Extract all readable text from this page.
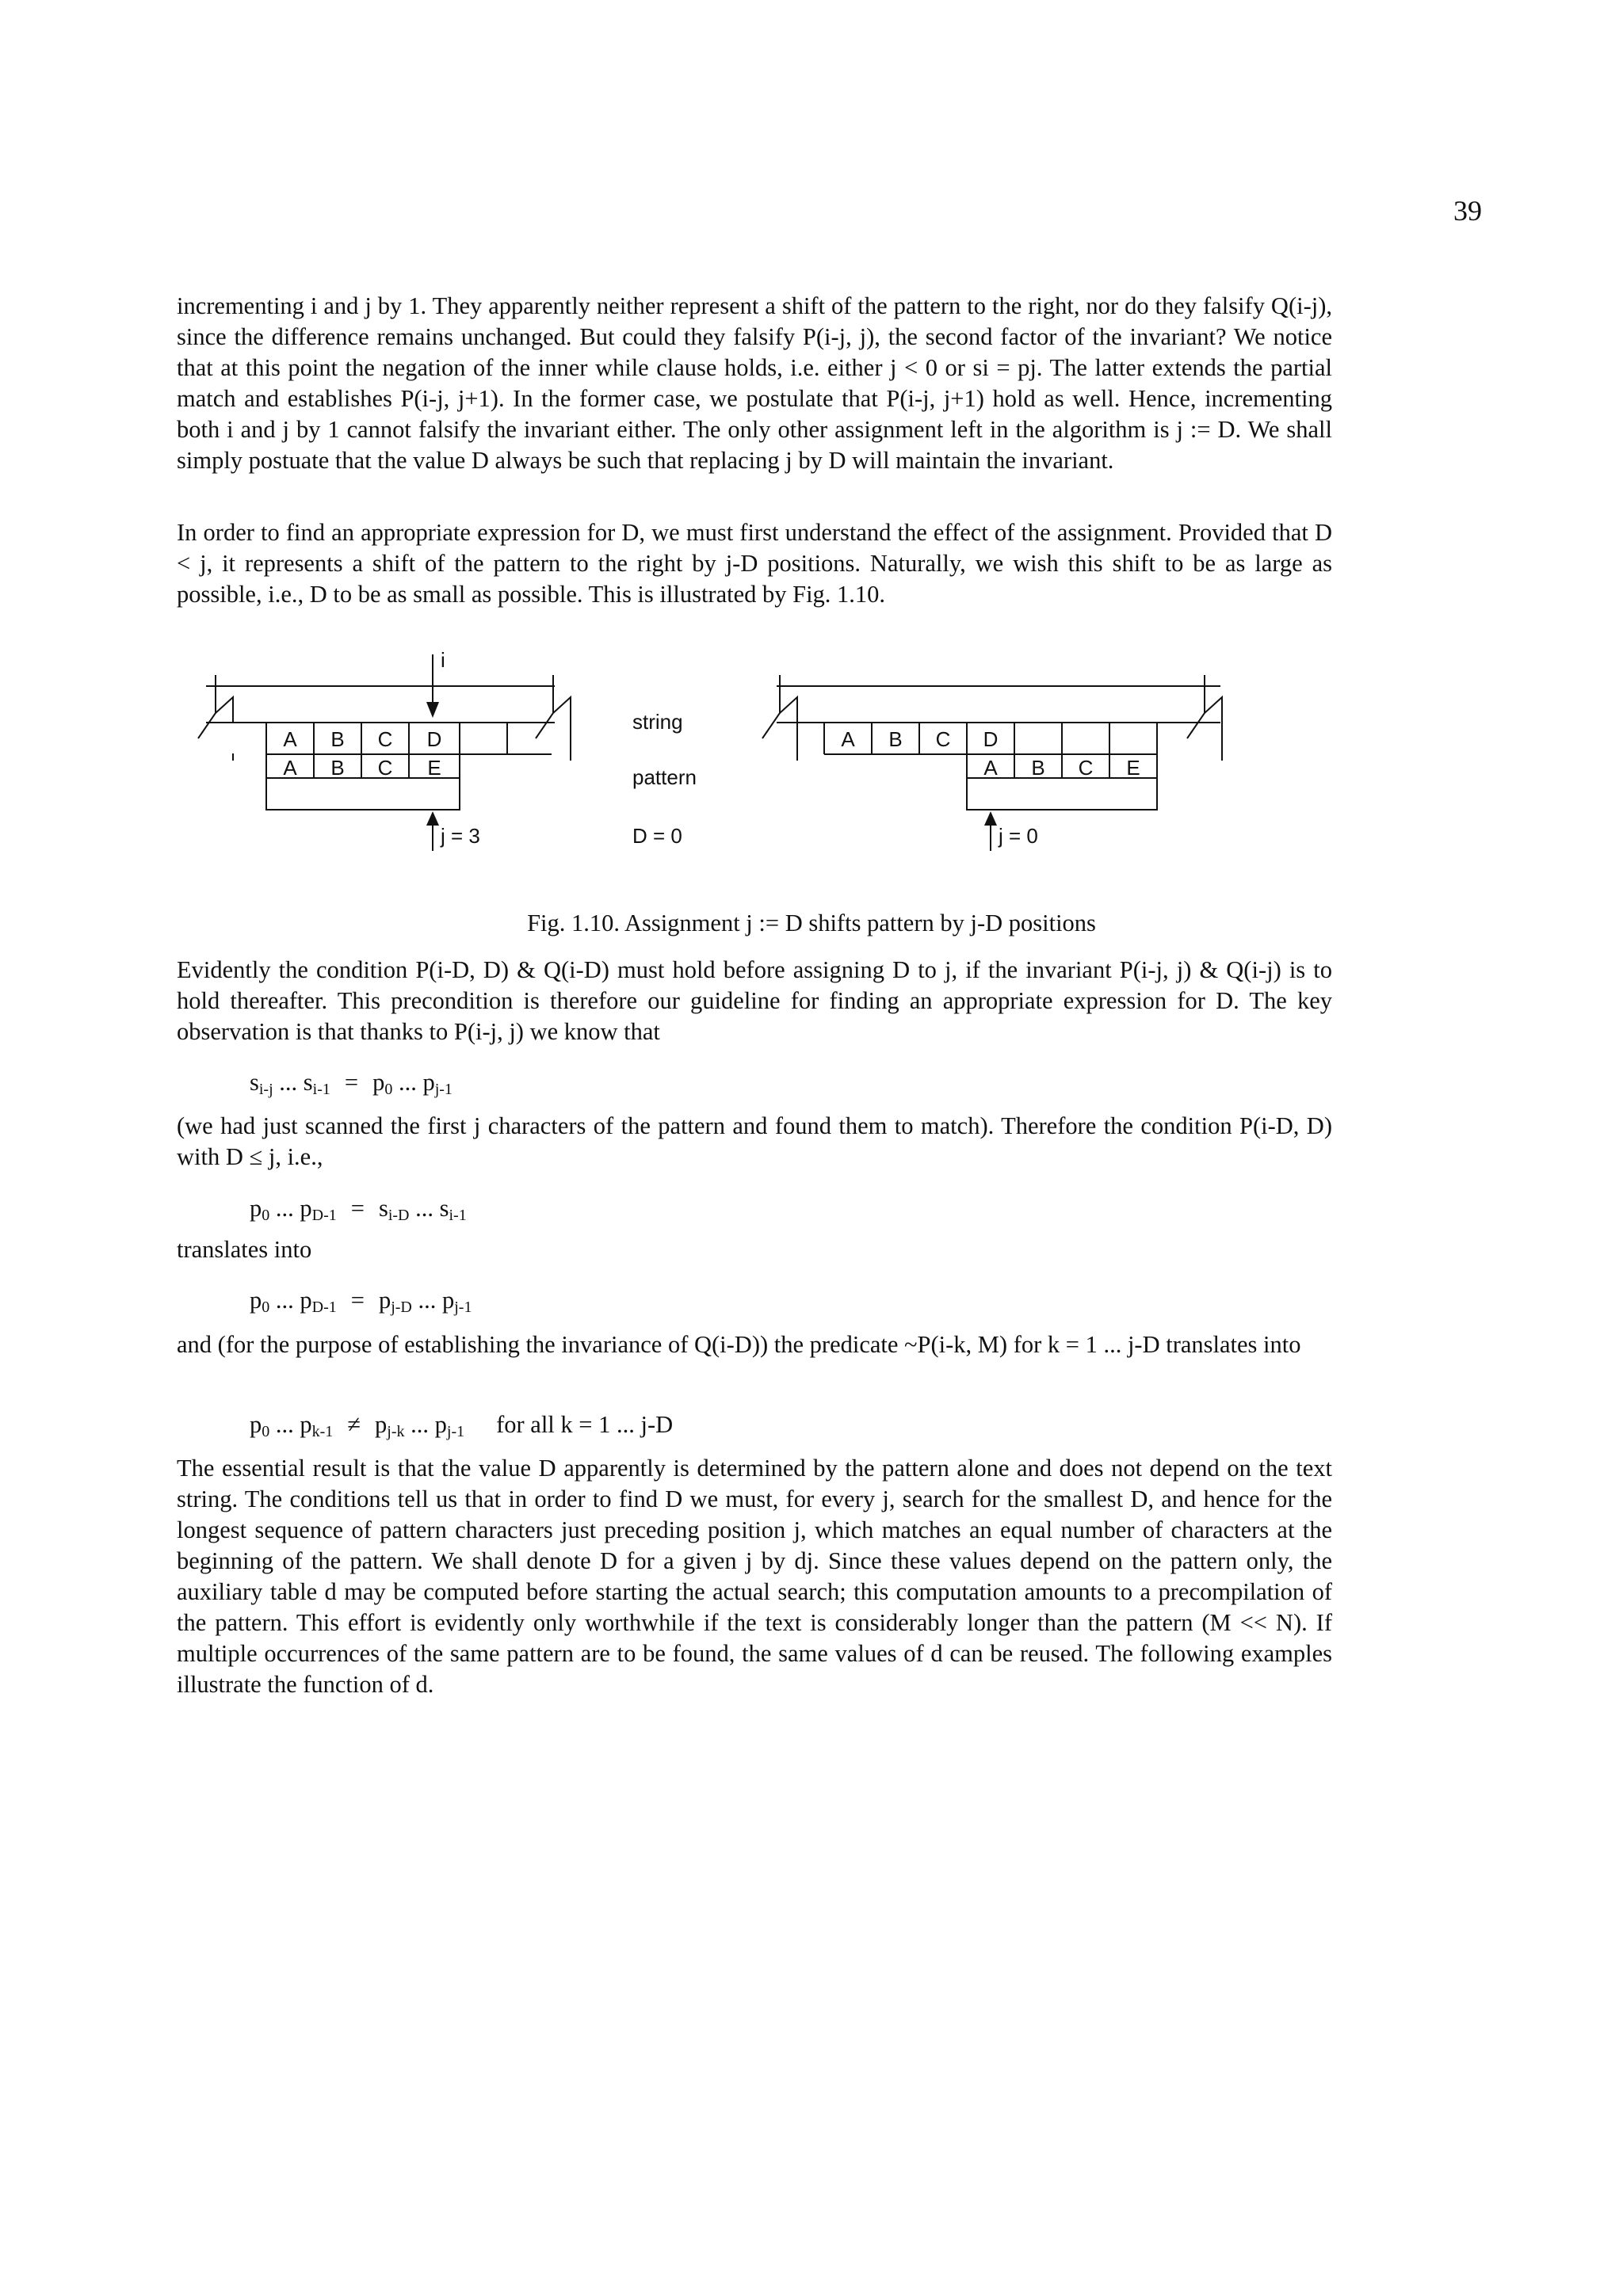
39

incrementing i and j by 1. They apparently neither represent a shift of the pattern to the right, nor do they falsify Q(i-j), since the difference remains unchanged. But could they falsify P(i-j, j), the second factor of the invariant? We notice that at this point the negation of the inner while clause holds, i.e. either j < 0 or si = pj. The latter extends the partial match and establishes P(i-j, j+1). In the former case, we postulate that P(i-j, j+1) hold as well. Hence, incrementing both i and j by 1 cannot falsify the invariant either. The only other assignment left in the algorithm is j := D. We shall simply postuate that the value D always be such that replacing j by D will maintain the invariant.

In order to find an appropriate expression for D, we must first understand the effect of the assignment. Provided that D < j, it represents a shift of the pattern to the right by j-D positions. Naturally, we wish this shift to be as large as possible, i.e., D to be as small as possible. This is illustrated by Fig. 1.10.

A B C D
A B C E
i
j = 3
string
pattern
D = 0
A B C D
A B C E
j = 0
Fig. 1.10. Assignment j := D shifts pattern by j-D positions

Evidently the condition P(i-D, D) & Q(i-D) must hold before assigning D to j, if the invariant P(i-j, j) & Q(i-j) is to hold thereafter. This precondition is therefore our guideline for finding an appropriate expression for D. The key observation is that thanks to P(i-j, j) we know that

$s_{i-j}$ ... $s_{i-1} = p_0$ ... $p_{j-1}$

(we had just scanned the first j characters of the pattern and found them to match). Therefore the condition P(i-D, D) with D ≤ j, i.e.,

$p_0$ ... $p_{D-1} = s_{i-D}$ ... $s_{i-1}$

translates into

$p_0$ ... $p_{D-1} = p_{j-D}$ ... $p_{j-1}$

and (for the purpose of establishing the invariance of Q(i-D)) the predicate ~P(i-k, M) for k = 1 ... j-D translates into

$p_0$ ... $p_{k-1} \ne p_{j-k}$ ... $p_{j-1}$ for all k = 1 ... j-D

The essential result is that the value D apparently is determined by the pattern alone and does not depend on the text string. The conditions tell us that in order to find D we must, for every j, search for the smallest D, and hence for the longest sequence of pattern characters just preceding position j, which matches an equal number of characters at the beginning of the pattern. We shall denote D for a given j by dj. Since these values depend on the pattern only, the auxiliary table d may be computed before starting the actual search; this computation amounts to a precompilation of the pattern. This effort is evidently only worthwhile if the text is considerably longer than the pattern (M << N). If multiple occurrences of the same pattern are to be found, the same values of d can be reused. The following examples illustrate the function of d.
